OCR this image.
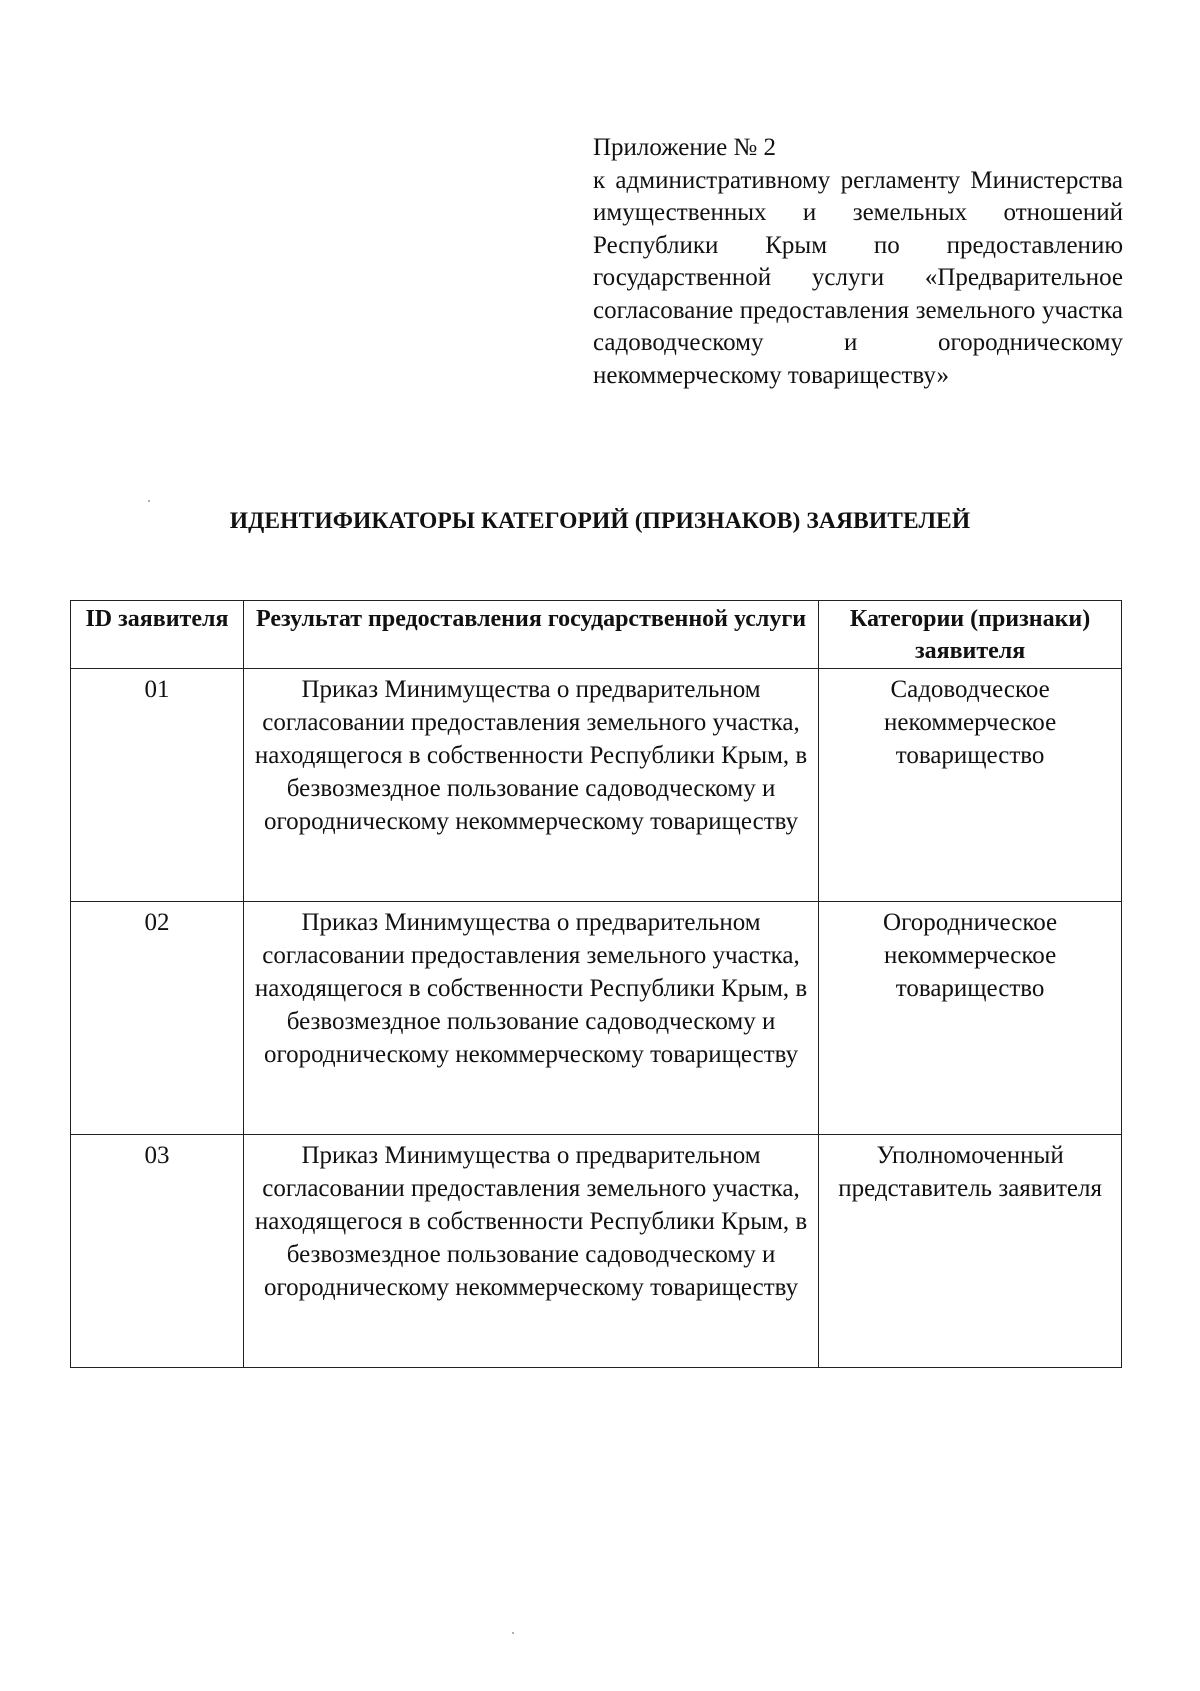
Приложение № 2
к административному регламенту Министерства имущественных и земельных отношений Республики Крым по предоставлению государственной услуги «Предварительное согласование предоставления земельного участка садоводческому и огородническому некоммерческому товариществу»
ИДЕНТИФИКАТОРЫ КАТЕГОРИЙ (ПРИЗНАКОВ) ЗАЯВИТЕЛЕЙ
ID заявителя	Результат предоставления государственной услуги	Категории (признаки) заявителя
01	Приказ Минимущества о предварительном согласовании предоставления земельного участка, находящегося в собственности Республики Крым, в безвозмездное пользование садоводческому и огородническому некоммерческому товариществу	Садоводческое некоммерческое товарищество
02	Приказ Минимущества о предварительном согласовании предоставления земельного участка, находящегося в собственности Республики Крым, в безвозмездное пользование садоводческому и огородническому некоммерческому товариществу	Огородническое некоммерческое товарищество
03	Приказ Минимущества о предварительном согласовании предоставления земельного участка, находящегося в собственности Республики Крым, в безвозмездное пользование садоводческому и огородническому некоммерческому товариществу	Уполномоченный представитель заявителя
